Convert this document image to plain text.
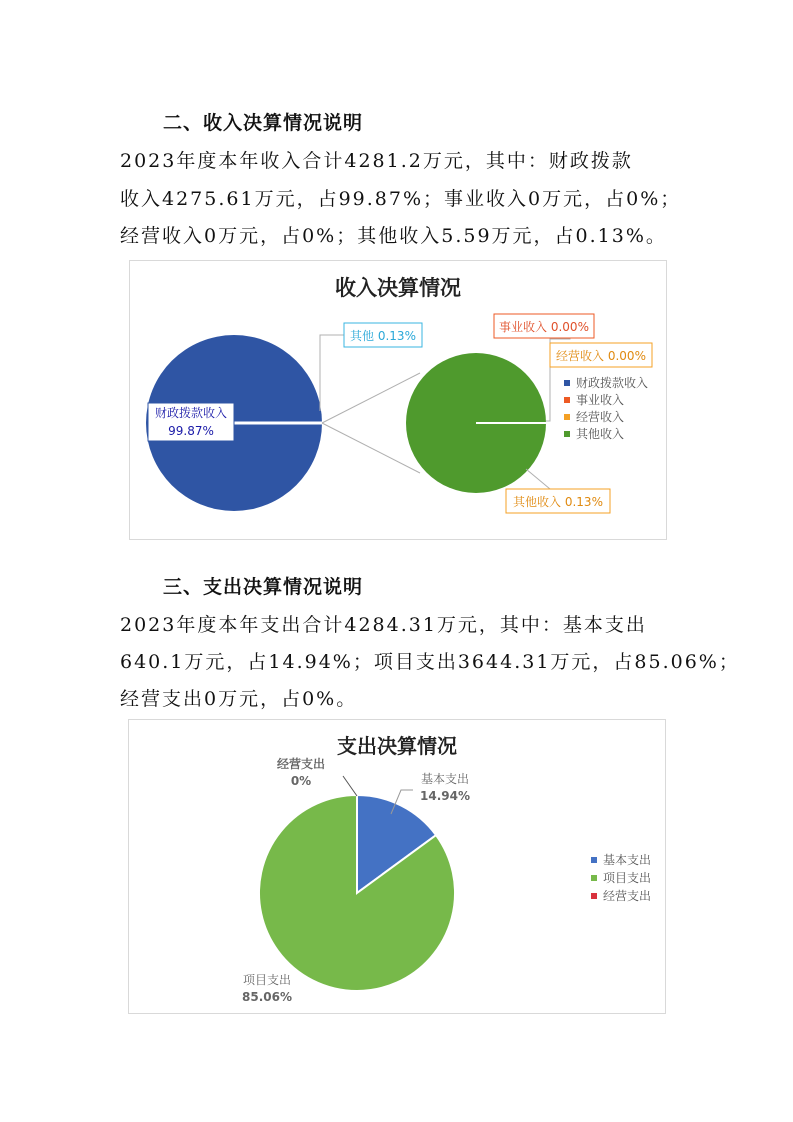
二、收入决算情况说明
2023年度本年收入合计4281.2万元，其中：财政拨款
收入4275.61万元，占99.87%；事业收入0万元，占0%；
经营收入0万元，占0%；其他收入5.59万元，占0.13%。
收入决算情况
财政拨款收入
99.87%
其他 0.13%
事业收入 0.00%
经营收入 0.00%
其他收入 0.13%
财政拨款收入
事业收入
经营收入
其他收入
三、支出决算情况说明
2023年度本年支出合计4284.31万元，其中：基本支出
640.1万元，占14.94%；项目支出3644.31万元，占85.06%；
经营支出0万元，占0%。
支出决算情况
基本支出
14.94%
经营支出
0%
项目支出
85.06%
基本支出
项目支出
经营支出
